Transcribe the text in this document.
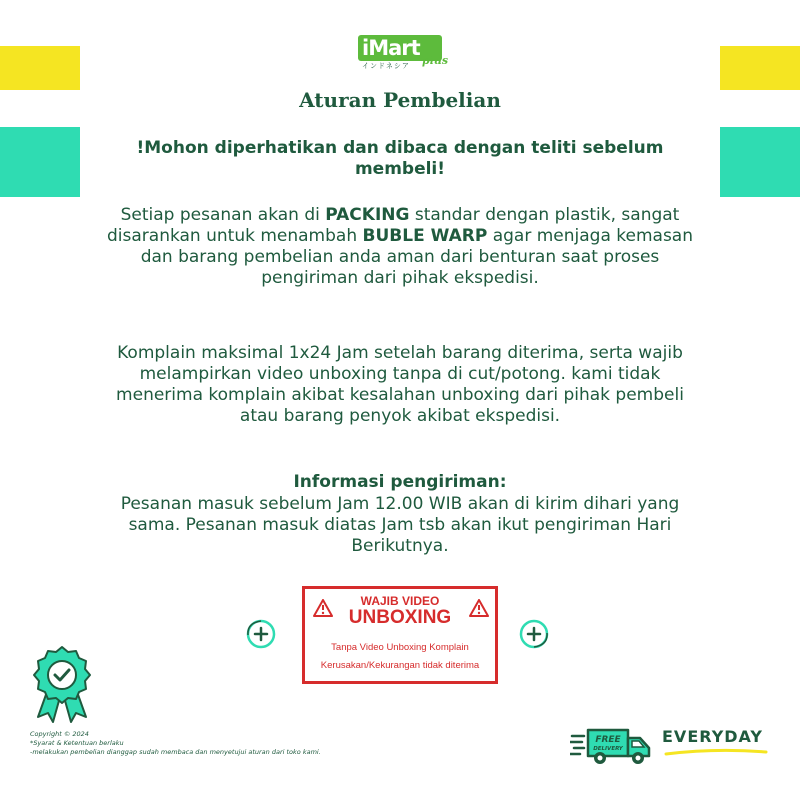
iMart
plus
インドネシア
Aturan Pembelian
!Mohon diperhatikan dan dibaca dengan teliti sebelum membeli!
Setiap pesanan akan di PACKING standar dengan plastik, sangat disarankan untuk menambah BUBLE WARP agar menjaga kemasan dan barang pembelian anda aman dari benturan saat proses pengiriman dari pihak ekspedisi.
Komplain maksimal 1x24 Jam setelah barang diterima, serta wajib melampirkan video unboxing tanpa di cut/potong. kami tidak menerima komplain akibat kesalahan unboxing dari pihak pembeli atau barang penyok akibat ekspedisi.
Informasi pengiriman:
Pesanan masuk sebelum Jam 12.00 WIB akan di kirim dihari yang sama. Pesanan masuk diatas Jam tsb akan ikut pengiriman Hari Berikutnya.
WAJIB VIDEO
UNBOXING
Tanpa Video Unboxing Komplain
Kerusakan/Kekurangan tidak diterima
Copyright © 2024
*Syarat & Ketentuan berlaku
-melakukan pembelian dianggap sudah membaca dan menyetujui aturan dari toko kami.
FREE
DELIVERY
EVERYDAY
